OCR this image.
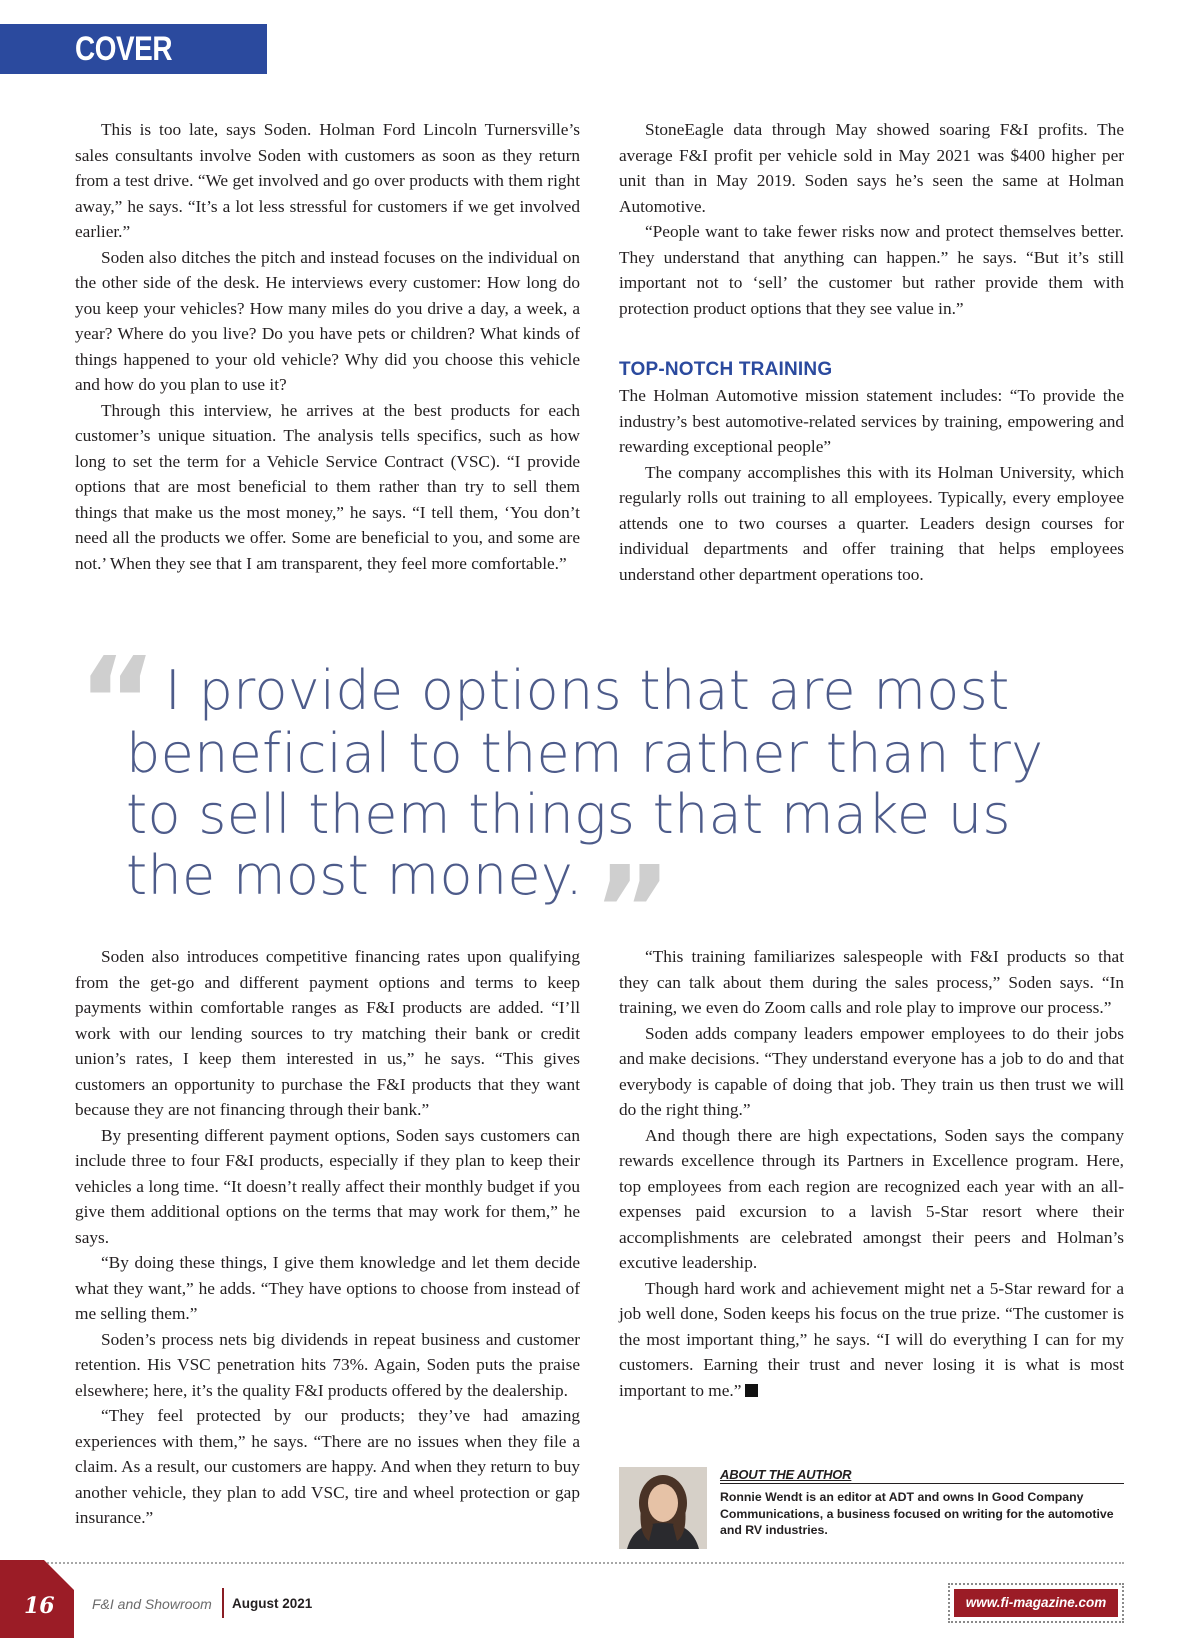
COVER STORY

This is too late, says Soden. Holman Ford Lincoln Turnersville’s sales consultants involve Soden with customers as soon as they return from a test drive. “We get involved and go over products with them right away,” he says. “It’s a lot less stressful for customers if we get involved earlier.”

Soden also ditches the pitch and instead focuses on the individual on the other side of the desk. He interviews every customer: How long do you keep your vehicles? How many miles do you drive a day, a week, a year? Where do you live? Do you have pets or children? What kinds of things happened to your old vehicle? Why did you choose this vehicle and how do you plan to use it?

Through this interview, he arrives at the best products for each customer’s unique situation. The analysis tells specifics, such as how long to set the term for a Vehicle Service Contract (VSC). “I provide options that are most beneficial to them rather than try to sell them things that make us the most money,” he says. “I tell them, ‘You don’t need all the products we offer. Some are beneficial to you, and some are not.’ When they see that I am transparent, they feel more comfortable.”

StoneEagle data through May showed soaring F&I profits. The average F&I profit per vehicle sold in May 2021 was $400 higher per unit than in May 2019. Soden says he’s seen the same at Holman Automotive.

“People want to take fewer risks now and protect themselves better. They understand that anything can happen.” he says. “But it’s still important not to ‘sell’ the customer but rather provide them with protection product options that they see value in.”

TOP-NOTCH TRAINING

The Holman Automotive mission statement includes: “To provide the industry’s best automotive-related services by training, empowering and rewarding exceptional people”

The company accomplishes this with its Holman University, which regularly rolls out training to all employees. Typically, every employee attends one to two courses a quarter. Leaders design courses for individual departments and offer training that helps employees understand other department operations too.

“ I provide options that are most
beneficial to them rather than try
to sell them things that make us
the most money.”

Soden also introduces competitive financing rates upon qualifying from the get-go and different payment options and terms to keep payments within comfortable ranges as F&I products are added. “I’ll work with our lending sources to try matching their bank or credit union’s rates, I keep them interested in us,” he says. “This gives customers an opportunity to purchase the F&I products that they want because they are not financing through their bank.”

By presenting different payment options, Soden says customers can include three to four F&I products, especially if they plan to keep their vehicles a long time. “It doesn’t really affect their monthly budget if you give them additional options on the terms that may work for them,” he says.

“By doing these things, I give them knowledge and let them decide what they want,” he adds. “They have options to choose from instead of me selling them.”

Soden’s process nets big dividends in repeat business and customer retention. His VSC penetration hits 73%. Again, Soden puts the praise elsewhere; here, it’s the quality F&I products offered by the dealership.

“They feel protected by our products; they’ve had amazing experiences with them,” he says. “There are no issues when they file a claim. As a result, our customers are happy. And when they return to buy another vehicle, they plan to add VSC, tire and wheel protection or gap insurance.”

“This training familiarizes salespeople with F&I products so that they can talk about them during the sales process,” Soden says. “In training, we even do Zoom calls and role play to improve our process.”

Soden adds company leaders empower employees to do their jobs and make decisions. “They understand everyone has a job to do and that everybody is capable of doing that job. They train us then trust we will do the right thing.”

And though there are high expectations, Soden says the company rewards excellence through its Partners in Excellence program. Here, top employees from each region are recognized each year with an all-expenses paid excursion to a lavish 5-Star resort where their accomplishments are celebrated amongst their peers and Holman’s excutive leadership.

Though hard work and achievement might net a 5-Star reward for a job well done, Soden keeps his focus on the true prize. “The customer is the most important thing,” he says. “I will do everything I can for my customers. Earning their trust and never losing it is what is most important to me.”

ABOUT THE AUTHOR
Ronnie Wendt is an editor at ADT and owns In Good Company Communications, a business focused on writing for the automotive and RV industries.
16	F&I and Showroom August 2021	www.fi-magazine.com
